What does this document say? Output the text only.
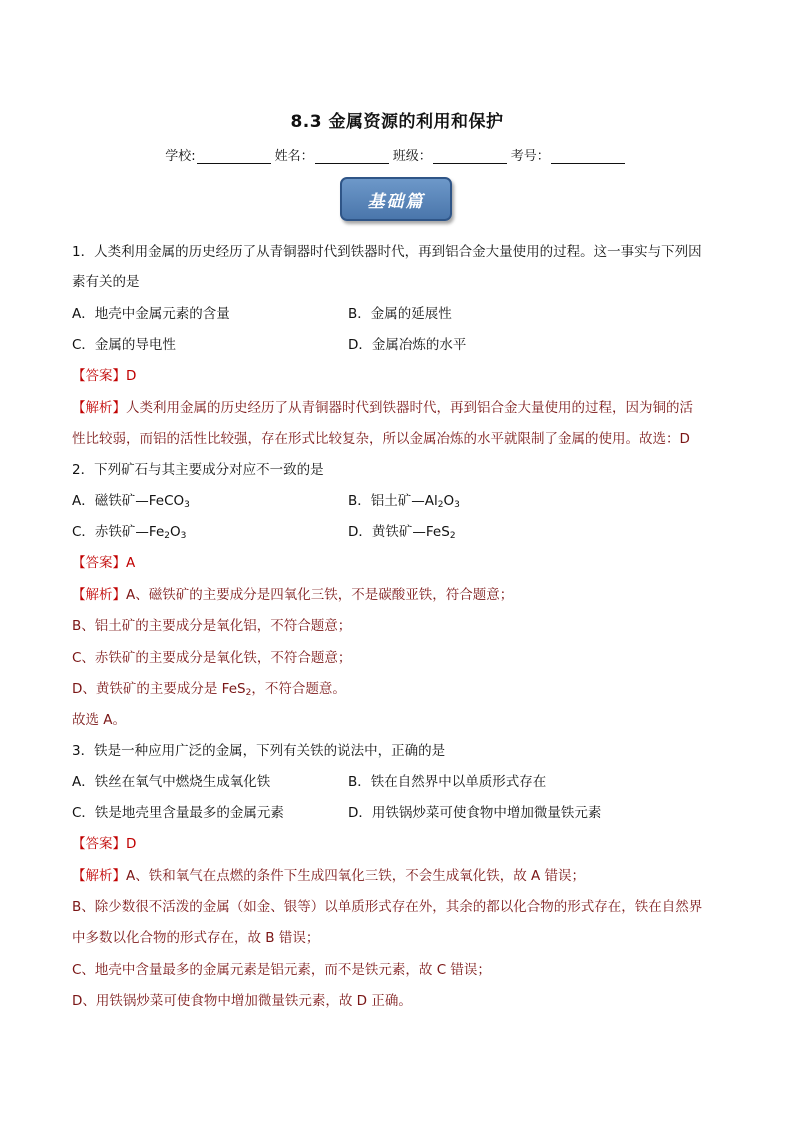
8.3 金属资源的利用和保护
学校:	姓名：	班级：	考号：
基础篇
1．人类利用金属的历史经历了从青铜器时代到铁器时代，再到铝合金大量使用的过程。这一事实与下列因
素有关的是
A．地壳中金属元素的含量	B．金属的延展性
C．金属的导电性	D．金属冶炼的水平
【答案】D
【解析】人类利用金属的历史经历了从青铜器时代到铁器时代，再到铝合金大量使用的过程，因为铜的活
性比较弱，而铝的活性比较强，存在形式比较复杂，所以金属冶炼的水平就限制了金属的使用。故选：D
2．下列矿石与其主要成分对应不一致的是
A．磁铁矿—FeCO$_3$	B．铝土矿$—Al_2O_3$
C．赤铁矿$—Fe_2O_3$	D．黄铁矿—FeS$_2$
【答案】A
【解析】A、磁铁矿的主要成分是四氧化三铁，不是碳酸亚铁，符合题意；
B、铝土矿的主要成分是氧化铝，不符合题意；
C、赤铁矿的主要成分是氧化铁，不符合题意；
D、黄铁矿的主要成分是 FeS$_2$，不符合题意。
故选 A。
3．铁是一种应用广泛的金属，下列有关铁的说法中，正确的是
A．铁丝在氧气中燃烧生成氧化铁	B．铁在自然界中以单质形式存在
C．铁是地壳里含量最多的金属元素	D．用铁锅炒菜可使食物中增加微量铁元素
【答案】D
【解析】A、铁和氧气在点燃的条件下生成四氧化三铁，不会生成氧化铁，故 A 错误；
B、除少数很不活泼的金属（如金、银等）以单质形式存在外，其余的都以化合物的形式存在，铁在自然界
中多数以化合物的形式存在，故 B 错误；
C、地壳中含量最多的金属元素是铝元素，而不是铁元素，故 C 错误；
D、用铁锅炒菜可使食物中增加微量铁元素，故 D 正确。
